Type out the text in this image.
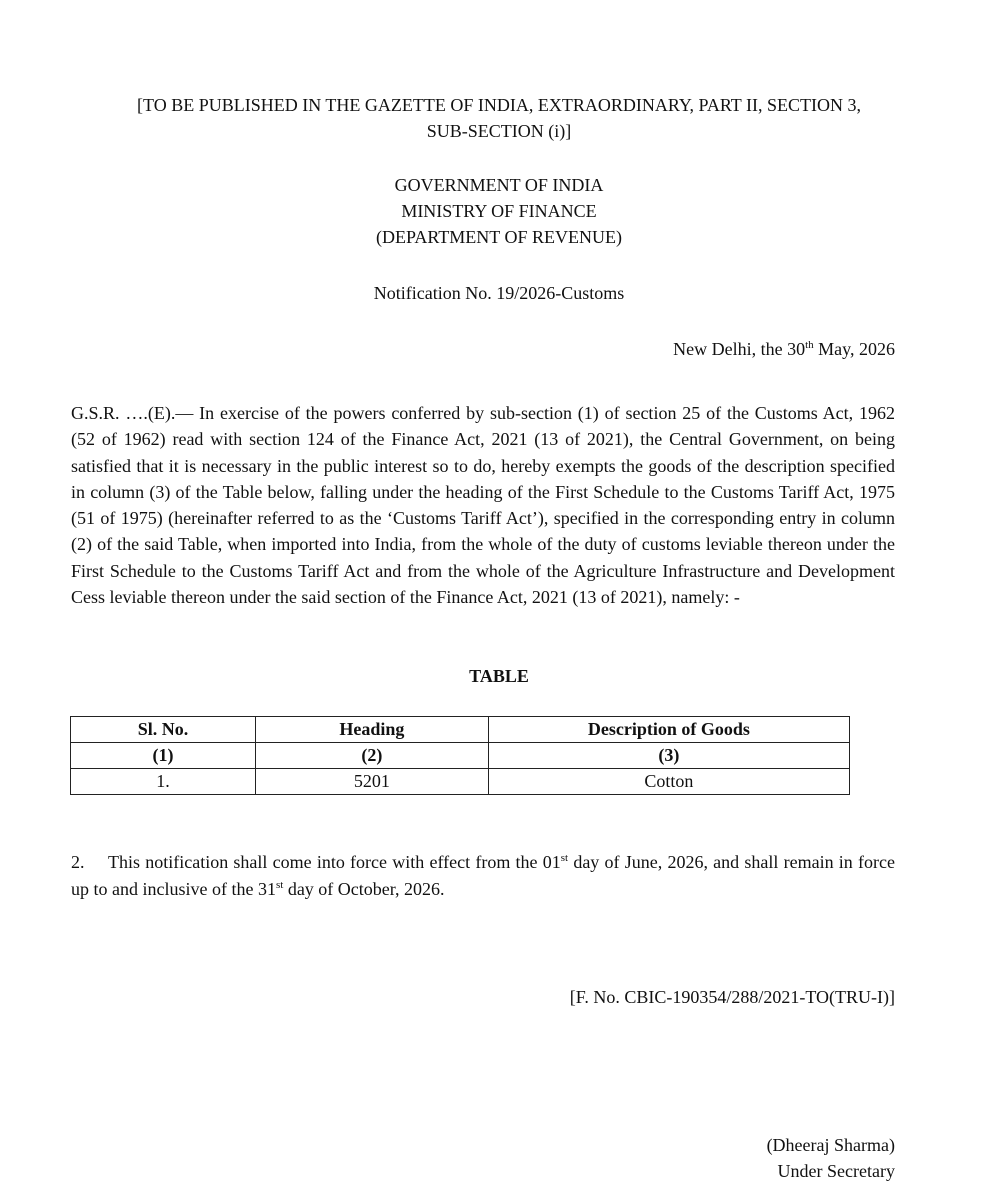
[TO BE PUBLISHED IN THE GAZETTE OF INDIA, EXTRAORDINARY, PART II, SECTION 3,
SUB-SECTION (i)]
GOVERNMENT OF INDIA
MINISTRY OF FINANCE
(DEPARTMENT OF REVENUE)
Notification No. 19/2026-Customs
New Delhi, the 30th May, 2026
G.S.R. ….(E).— In exercise of the powers conferred by sub-section (1) of section 25 of the Customs Act, 1962 (52 of 1962) read with section 124 of the Finance Act, 2021 (13 of 2021), the Central Government, on being satisfied that it is necessary in the public interest so to do, hereby exempts the goods of the description specified in column (3) of the Table below, falling under the heading of the First Schedule to the Customs Tariff Act, 1975 (51 of 1975) (hereinafter referred to as the ‘Customs Tariff Act’), specified in the corresponding entry in column (2) of the said Table, when imported into India, from the whole of the duty of customs leviable thereon under the First Schedule to the Customs Tariff Act and from the whole of the Agriculture Infrastructure and Development Cess leviable thereon under the said section of the Finance Act, 2021 (13 of 2021), namely: -
TABLE
Sl. No.	Heading	Description of Goods
(1)	(2)	(3)
1.	5201	Cotton
2. This notification shall come into force with effect from the 01st day of June, 2026, and shall remain in force up to and inclusive of the 31st day of October, 2026.
[F. No. CBIC-190354/288/2021-TO(TRU-I)]
(Dheeraj Sharma)
Under Secretary
